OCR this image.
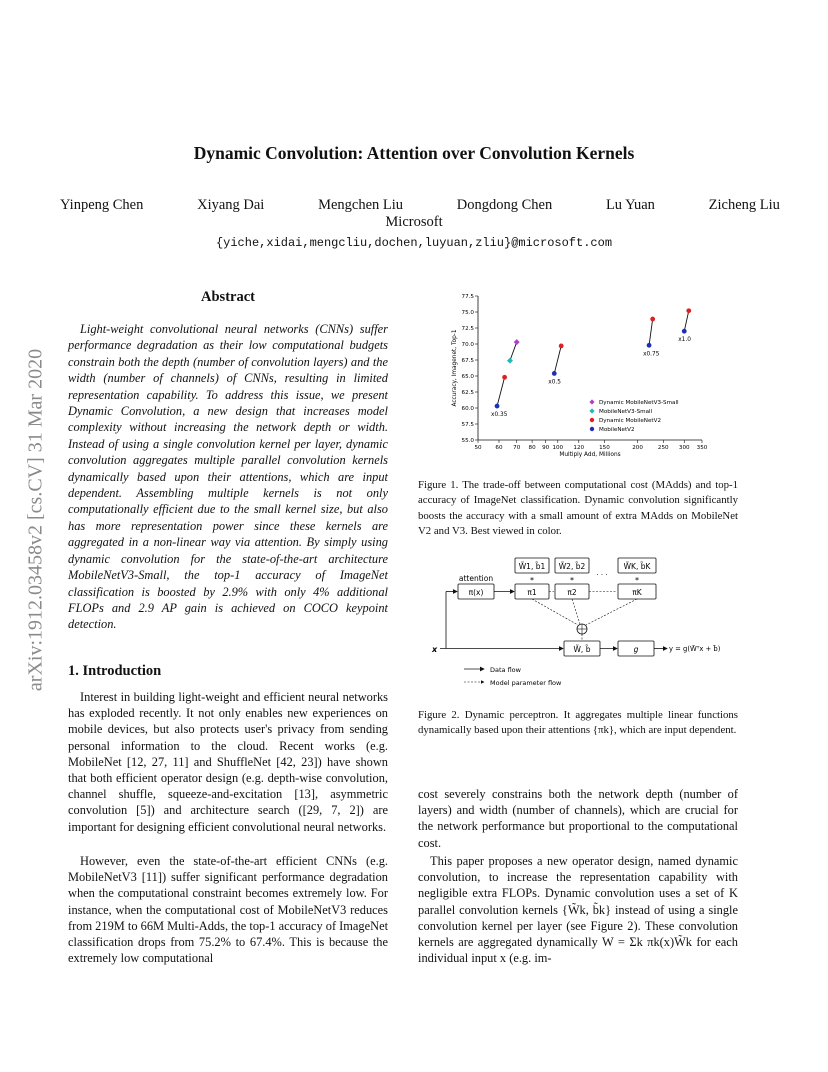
Dynamic Convolution: Attention over Convolution Kernels
Yinpeng Chen	Xiyang Dai	Mengchen Liu	Dongdong Chen	Lu Yuan	Zicheng Liu
Microsoft
{yiche,xidai,mengcliu,dochen,luyuan,zliu}@microsoft.com
arXiv:1912.03458v2 [cs.CV] 31 Mar 2020
Abstract
Light-weight convolutional neural networks (CNNs) suffer performance degradation as their low computational budgets constrain both the depth (number of convolution layers) and the width (number of channels) of CNNs, resulting in limited representation capability. To address this issue, we present Dynamic Convolution, a new design that increases model complexity without increasing the network depth or width. Instead of using a single convolution kernel per layer, dynamic convolution aggregates multiple parallel convolution kernels dynamically based upon their attentions, which are input dependent. Assembling multiple kernels is not only computationally efficient due to the small kernel size, but also has more representation power since these kernels are aggregated in a non-linear way via attention. By simply using dynamic convolution for the state-of-the-art architecture MobileNetV3-Small, the top-1 accuracy of ImageNet classification is boosted by 2.9% with only 4% additional FLOPs and 2.9 AP gain is achieved on COCO keypoint detection.
1. Introduction
Interest in building light-weight and efficient neural networks has exploded recently. It not only enables new experiences on mobile devices, but also protects user's privacy from sending personal information to the cloud. Recent works (e.g. MobileNet [12, 27, 11] and ShuffleNet [42, 23]) have shown that both efficient operator design (e.g. depth-wise convolution, channel shuffle, squeeze-and-excitation [13], asymmetric convolution [5]) and architecture search ([29, 7, 2]) are important for designing efficient convolutional neural networks.
However, even the state-of-the-art efficient CNNs (e.g. MobileNetV3 [11]) suffer significant performance degradation when the computational constraint becomes extremely low. For instance, when the computational cost of MobileNetV3 reduces from 219M to 66M Multi-Adds, the top-1 accuracy of ImageNet classification drops from 75.2% to 67.4%. This is because the extremely low computational
55.0
57.5
60.0
62.5
65.0
67.5
70.0
72.5
75.0
77.5
50 60 70 80 90 100 120	150	200	250 300 350
Multiply Add, Millions
Accuracy, Imagenet, Top-1
x0.35
x0.5
x0.75
x1.0
Dynamic MobileNetV3-Small
MobileNetV3-Small
Dynamic MobileNetV2
MobileNetV2
Figure 1. The trade-off between computational cost (MAdds) and top-1 accuracy of ImageNet classification. Dynamic convolution significantly boosts the accuracy with a small amount of extra MAdds on MobileNet V2 and V3. Best viewed in color.
W̃1, b̃1 W̃2, b̃2
· · ·
W̃K, b̃K
*	*	*
attention
π(x)	π1	π2	πK
W̃, b̃	g
x	y = g(W̃ᵀx + b̃)
Data flow
Model parameter flow
Figure 2. Dynamic perceptron. It aggregates multiple linear functions dynamically based upon their attentions {πk}, which are input dependent.
cost severely constrains both the network depth (number of layers) and width (number of channels), which are crucial for the network performance but proportional to the computational cost.
This paper proposes a new operator design, named dynamic convolution, to increase the representation capability with negligible extra FLOPs. Dynamic convolution uses a set of K parallel convolution kernels {W̃k, b̃k} instead of using a single convolution kernel per layer (see Figure 2). These convolution kernels are aggregated dynamically W = Σk πk(x)W̃k for each individual input x (e.g. im-
